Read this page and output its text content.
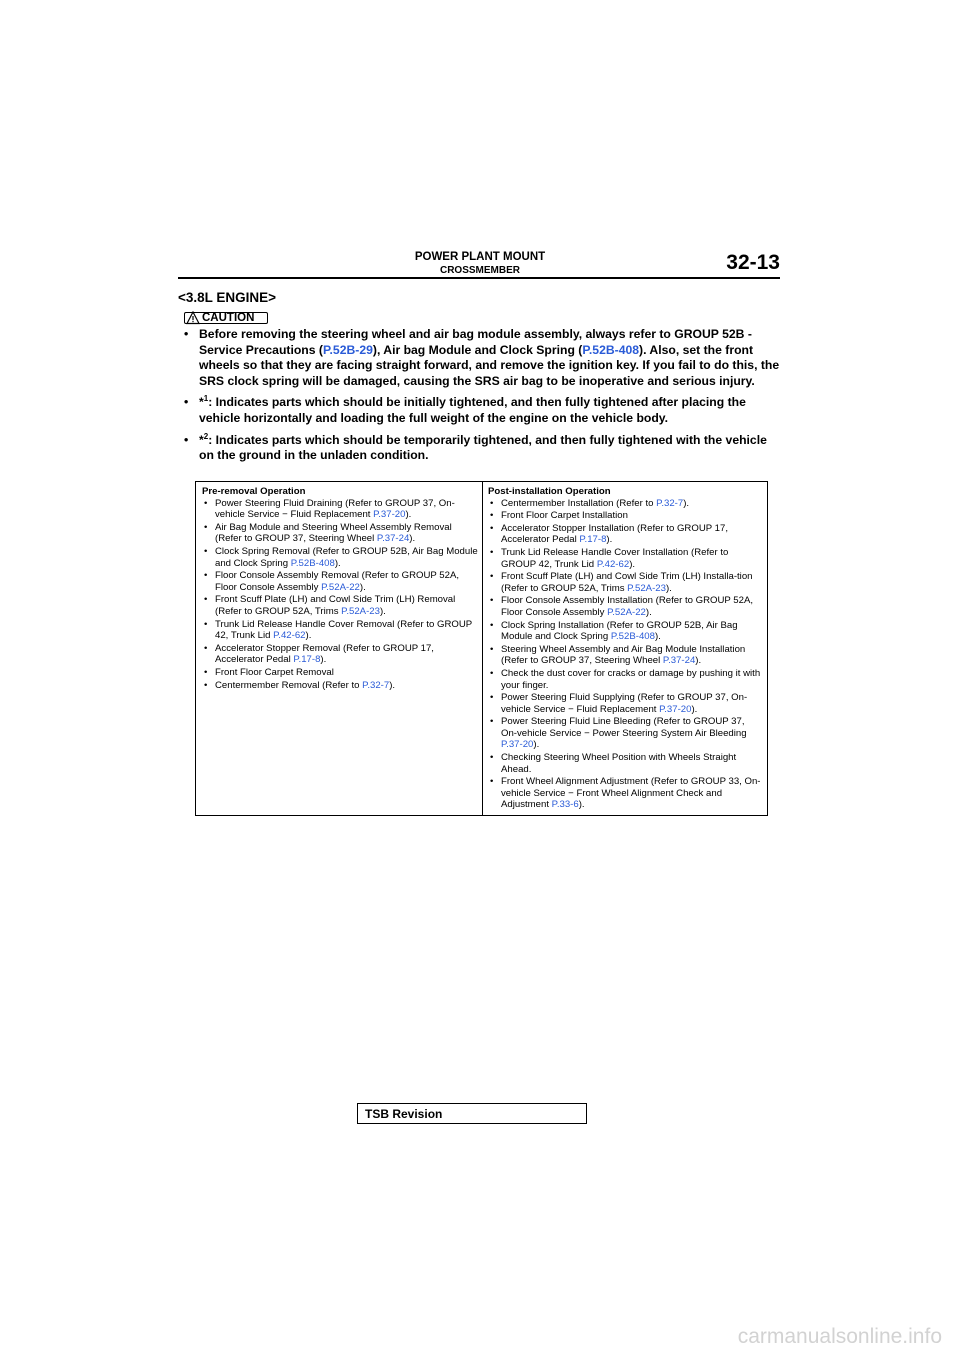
POWER PLANT MOUNT
CROSSMEMBER	32-13
<3.8L ENGINE>
CAUTION
• Before removing the steering wheel and air bag module assembly, always refer to GROUP 52B - Service Precautions (P.52B-29), Air bag Module and Clock Spring (P.52B-408). Also, set the front wheels so that they are facing straight forward, and remove the ignition key. If you fail to do this, the SRS clock spring will be damaged, causing the SRS air bag to be inoperative and serious injury.
• *$^1$: Indicates parts which should be initially tightened, and then fully tightened after placing the vehicle horizontally and loading the full weight of the engine on the vehicle body.
• *$^2$: Indicates parts which should be temporarily tightened, and then fully tightened with the vehicle on the ground in the unladen condition.

Pre-removal Operation

• Power Steering Fluid Draining (Refer to GROUP 37, On-vehicle Service − Fluid Replacement P.37-20).
• Air Bag Module and Steering Wheel Assembly Removal (Refer to GROUP 37, Steering Wheel P.37-24).
• Clock Spring Removal (Refer to GROUP 52B, Air Bag Module and Clock Spring P.52B-408).
• Floor Console Assembly Removal (Refer to GROUP 52A, Floor Console Assembly P.52A-22).
• Front Scuff Plate (LH) and Cowl Side Trim (LH) Removal (Refer to GROUP 52A, Trims P.52A-23).
• Trunk Lid Release Handle Cover Removal (Refer to GROUP 42, Trunk Lid P.42-62).
• Accelerator Stopper Removal (Refer to GROUP 17, Accelerator Pedal P.17-8).
• Front Floor Carpet Removal
• Centermember Removal (Refer to P.32-7).

Post-installation Operation

• Centermember Installation (Refer to P.32-7).
• Front Floor Carpet Installation
• Accelerator Stopper Installation (Refer to GROUP 17, Accelerator Pedal P.17-8).
• Trunk Lid Release Handle Cover Installation (Refer to GROUP 42, Trunk Lid P.42-62).
• Front Scuff Plate (LH) and Cowl Side Trim (LH) Installa-tion (Refer to GROUP 52A, Trims P.52A-23).
• Floor Console Assembly Installation (Refer to GROUP 52A, Floor Console Assembly P.52A-22).
• Clock Spring Installation (Refer to GROUP 52B, Air Bag Module and Clock Spring P.52B-408).
• Steering Wheel Assembly and Air Bag Module Installation (Refer to GROUP 37, Steering Wheel P.37-24).
• Check the dust cover for cracks or damage by pushing it with your finger.
• Power Steering Fluid Supplying (Refer to GROUP 37, On-vehicle Service − Fluid Replacement P.37-20).
• Power Steering Fluid Line Bleeding (Refer to GROUP 37, On-vehicle Service − Power Steering System Air Bleeding P.37-20).
• Checking Steering Wheel Position with Wheels Straight Ahead.
• Front Wheel Alignment Adjustment (Refer to GROUP 33, On-vehicle Service − Front Wheel Alignment Check and Adjustment P.33-6).
TSB Revision
carmanualsonline.info
